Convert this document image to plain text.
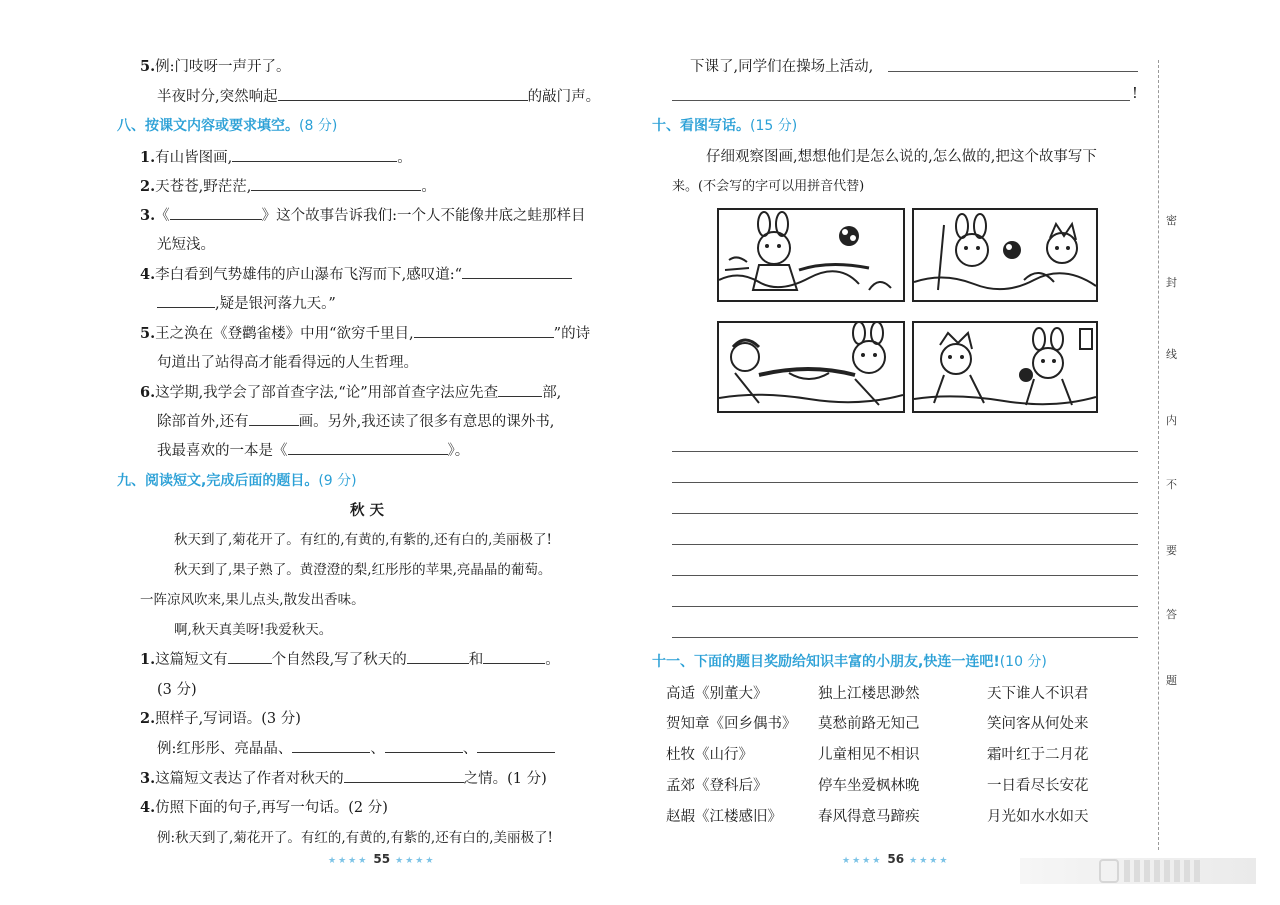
5.例:门吱呀一声开了。
半夜时分,突然响起	的敲门声。
八、按课文内容或要求填空。(8 分)
1.有山皆图画,	。
2.天苍苍,野茫茫,	。
3.《	》这个故事告诉我们:一个人不能像井底之蛙那样目
光短浅。
4.李白看到气势雄伟的庐山瀑布飞泻而下,感叹道:“
,疑是银河落九天。”
5.王之涣在《登鹳雀楼》中用“欲穷千里目,	”的诗
句道出了站得高才能看得远的人生哲理。
6.这学期,我学会了部首查字法,“论”用部首查字法应先查	部,
除部首外,还有	画。另外,我还读了很多有意思的课外书,
我最喜欢的一本是《	》。
九、阅读短文,完成后面的题目。(9 分)
秋 天
秋天到了,菊花开了。有红的,有黄的,有紫的,还有白的,美丽极了!
秋天到了,果子熟了。黄澄澄的梨,红彤彤的苹果,亮晶晶的葡萄。
一阵凉风吹来,果儿点头,散发出香味。
啊,秋天真美呀!我爱秋天。
1.这篇短文有	个自然段,写了秋天的	和	。
(3 分)
2.照样子,写词语。(3 分)
例:红彤彤、亮晶晶、	、	、
3.这篇短文表达了作者对秋天的	之情。(1 分)
4.仿照下面的句子,再写一句话。(2 分)
例:秋天到了,菊花开了。有红的,有黄的,有紫的,还有白的,美丽极了!
★★★★ 55 ★★★★
下课了,同学们在操场上活动,
!
十、看图写话。(15 分)
仔细观察图画,想想他们是怎么说的,怎么做的,把这个故事写下
来。(不会写的字可以用拼音代替)
十一、下面的题目奖励给知识丰富的小朋友,快连一连吧!(10 分)
高适《别董大》	独上江楼思渺然	天下谁人不识君
贺知章《回乡偶书》 莫愁前路无知己	笑问客从何处来
杜牧《山行》	儿童相见不相识	霜叶红于二月花
孟郊《登科后》	停车坐爱枫林晚	一日看尽长安花
赵嘏《江楼感旧》 春风得意马蹄疾	月光如水水如天
★★★★ 56 ★★★★
密
封
线
内
不
要
答
题
